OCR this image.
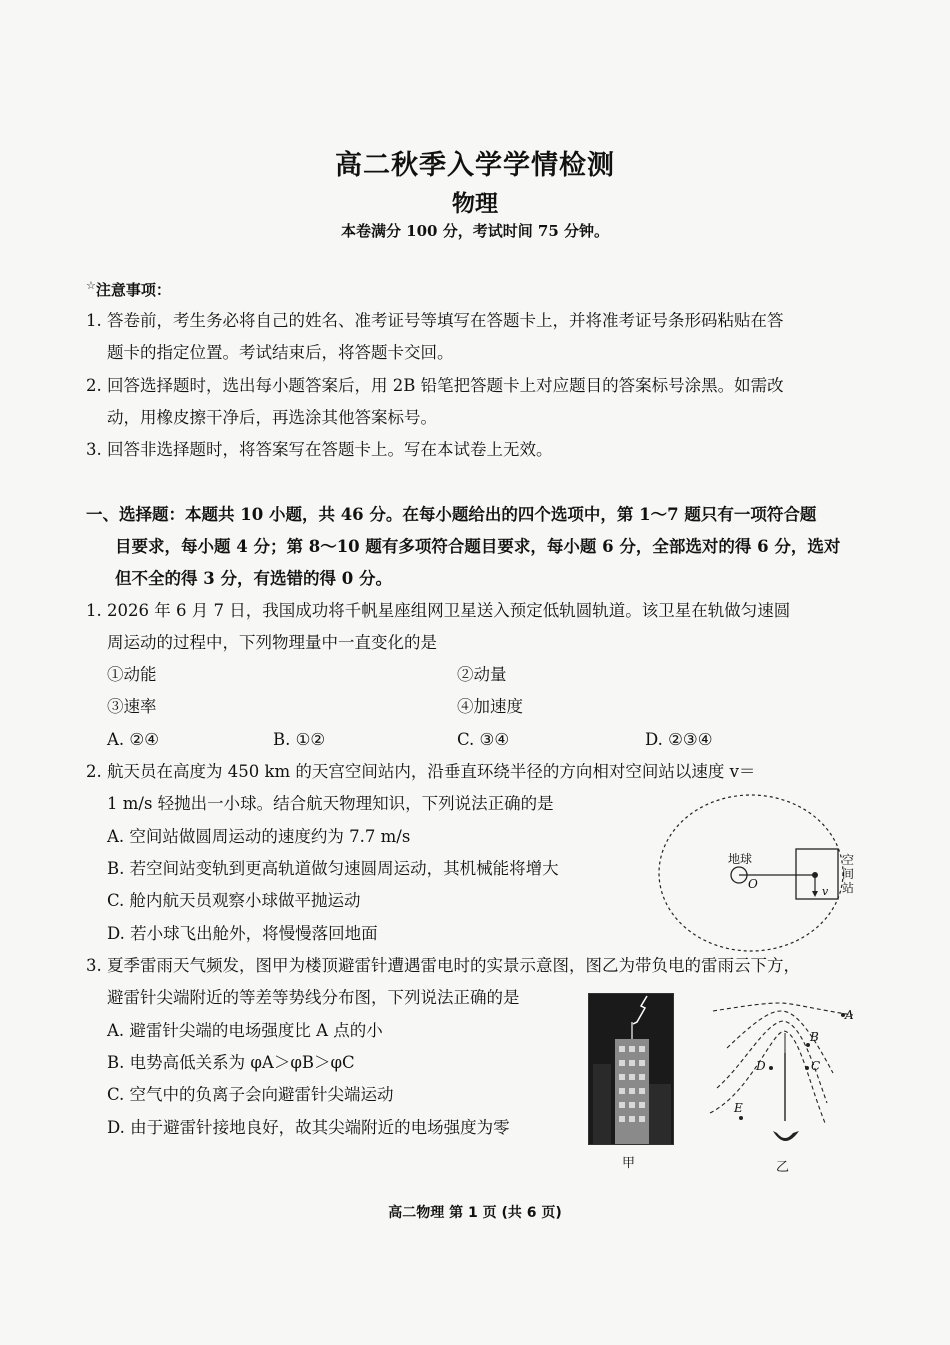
高二秋季入学学情检测
物理
本卷满分 100 分，考试时间 75 分钟。
☆注意事项：
1. 答卷前，考生务必将自己的姓名、准考证号等填写在答题卡上，并将准考证号条形码粘贴在答
题卡的指定位置。考试结束后，将答题卡交回。
2. 回答选择题时，选出每小题答案后，用 2B 铅笔把答题卡上对应题目的答案标号涂黑。如需改
动，用橡皮擦干净后，再选涂其他答案标号。
3. 回答非选择题时，将答案写在答题卡上。写在本试卷上无效。
一、选择题：本题共 10 小题，共 46 分。在每小题给出的四个选项中，第 1～7 题只有一项符合题
目要求，每小题 4 分；第 8～10 题有多项符合题目要求，每小题 6 分，全部选对的得 6 分，选对
但不全的得 3 分，有选错的得 0 分。
1. 2026 年 6 月 7 日，我国成功将千帆星座组网卫星送入预定低轨圆轨道。该卫星在轨做匀速圆
周运动的过程中，下列物理量中一直变化的是
①动能	②动量
③速率	④加速度
A. ②④	B. ①②	C. ③④	D. ②③④
2. 航天员在高度为 450 km 的天宫空间站内，沿垂直环绕半径的方向相对空间站以速度 v＝
1 m/s 轻抛出一小球。结合航天物理知识，下列说法正确的是
A. 空间站做圆周运动的速度约为 7.7 m/s
B. 若空间站变轨到更高轨道做匀速圆周运动，其机械能将增大
C. 舱内航天员观察小球做平抛运动
D. 若小球飞出舱外，将慢慢落回地面
地球
O
v
空
间
站
3. 夏季雷雨天气频发，图甲为楼顶避雷针遭遇雷电时的实景示意图，图乙为带负电的雷雨云下方，
避雷针尖端附近的等差等势线分布图，下列说法正确的是
A. 避雷针尖端的电场强度比 A 点的小
B. 电势高低关系为 φA＞φB＞φC
C. 空气中的负离子会向避雷针尖端运动
D. 由于避雷针接地良好，故其尖端附近的电场强度为零
甲
A
B
C
D
E
乙
高二物理 第 1 页 (共 6 页)
